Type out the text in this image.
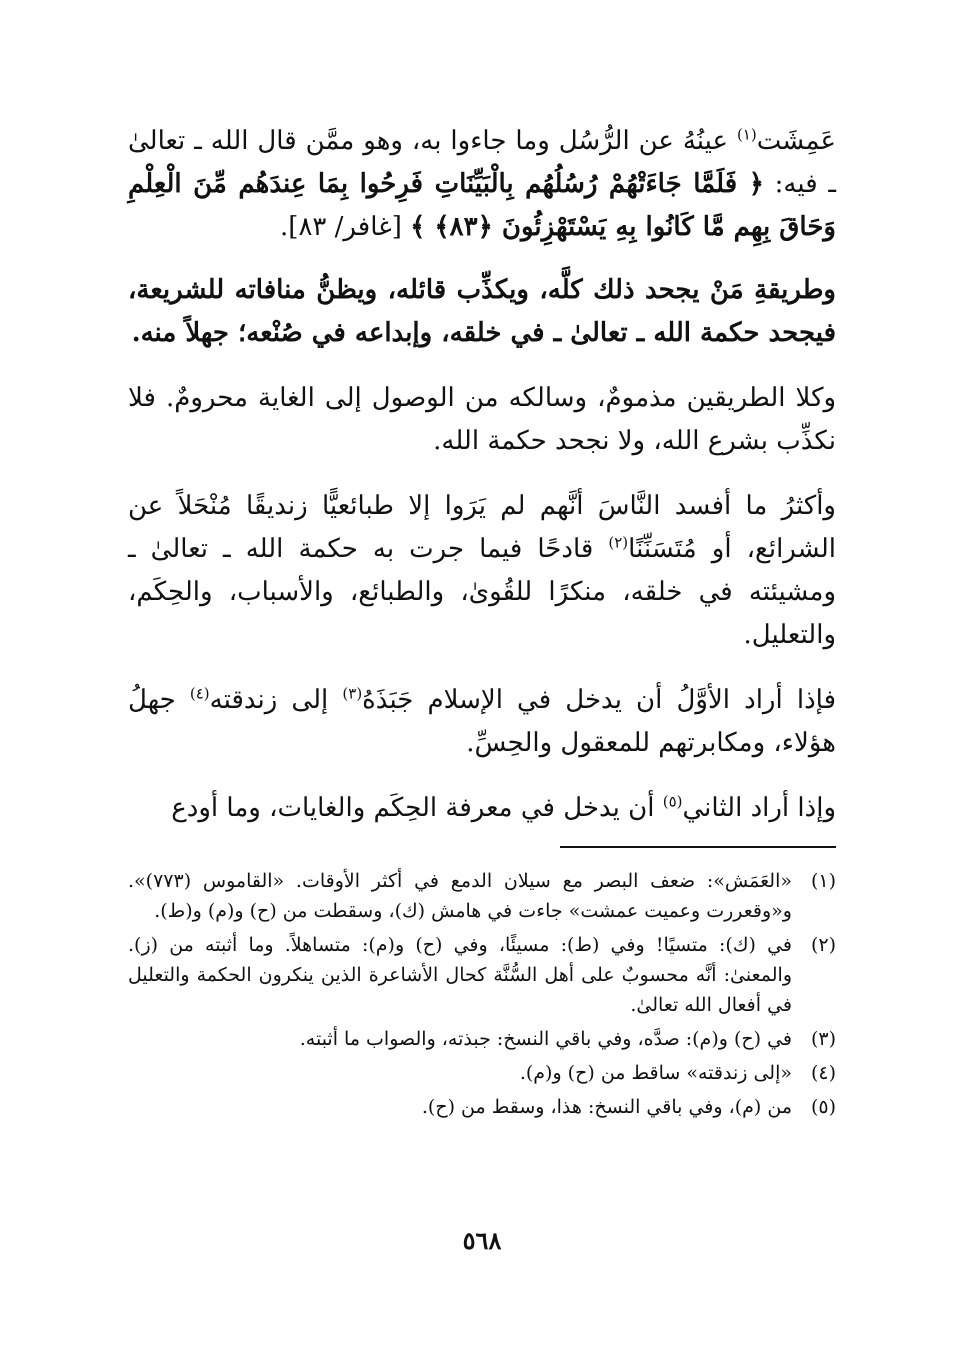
عَمِشَت$^{(١)}$ عينُهُ عن الرُّسُل وما جاءوا به، وهو ممَّن قال الله ـ تعالىٰ ـ فيه: ﴿ فَلَمَّا جَاءَتْهُمْ رُسُلُهُم بِالْبَيِّنَاتِ فَرِحُوا بِمَا عِندَهُم مِّنَ الْعِلْمِ وَحَاقَ بِهِم مَّا كَانُوا بِهِ يَسْتَهْزِئُونَ ﴿٨٣﴾ ﴾ [غافر/ ٨٣].

وطريقةِ مَنْ يجحد ذلك كلَّه، ويكذِّب قائله، ويظنُّ منافاته للشريعة، فيجحد حكمة الله ـ تعالىٰ ـ في خلقه، وإبداعه في صُنْعه؛ جهلاً منه.

وكلا الطريقين مذمومٌ، وسالكه من الوصول إلى الغاية محرومٌ. فلا نكذِّب بشرع الله، ولا نجحد حكمة الله.

وأكثرُ ما أفسد النَّاسَ أنَّهم لم يَرَوا إلا طبائعيًّا زنديقًا مُنْحَلاً عن الشرائع، أو مُتَسَنِّنًا$^{(٢)}$ قادحًا فيما جرت به حكمة الله ـ تعالىٰ ـ ومشيئته في خلقه، منكرًا للقُوىٰ، والطبائع، والأسباب، والحِكَم، والتعليل.

فإذا أراد الأوَّلُ أن يدخل في الإسلام جَبَذَهُ$^{(٣)}$ إلى زندقته$^{(٤)}$ جهلُ هؤلاء، ومكابرتهم للمعقول والحِسِّ.

وإذا أراد الثاني$^{(٥)}$ أن يدخل في معرفة الحِكَم والغايات، وما أودع

(١)
«العَمَش»: ضعف البصر مع سيلان الدمع في أكثر الأوقات. «القاموس (٧٧٣)». و«وقعررت وعميت عمشت» جاءت في هامش (ك)، وسقطت من (ح) و(م) و(ط).
(٢)
في (ك): متسيًا! وفي (ط): مسيئًا، وفي (ح) و(م): متساهلاً. وما أثبته من (ز). والمعنىٰ: أنَّه محسوبٌ على أهل السُّنَّة كحال الأشاعرة الذين ينكرون الحكمة والتعليل في أفعال الله تعالىٰ.
(٣)
في (ح) و(م): صدَّه، وفي باقي النسخ: جبذته، والصواب ما أثبته.
(٤)
«إلى زندقته» ساقط من (ح) و(م).
(٥)
من (م)، وفي باقي النسخ: هذا، وسقط من (ح).
٥٦٨
